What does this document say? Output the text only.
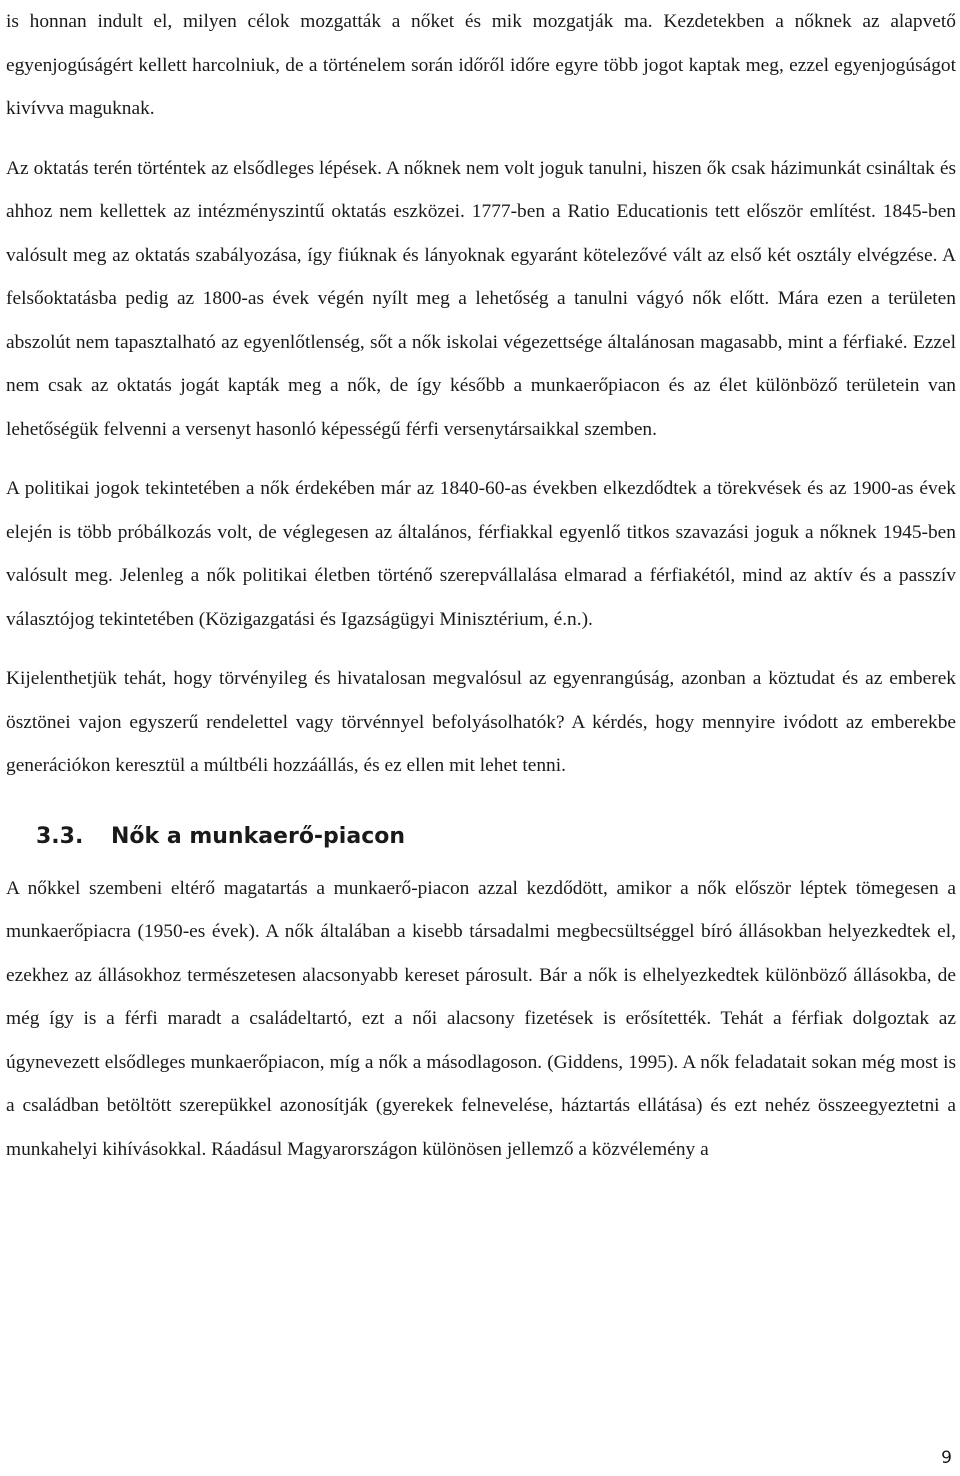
is honnan indult el, milyen célok mozgatták a nőket és mik mozgatják ma. Kezdetekben a nőknek az alapvető egyenjogúságért kellett harcolniuk, de a történelem során időről időre egyre több jogot kaptak meg, ezzel egyenjogúságot kivívva maguknak.

Az oktatás terén történtek az elsődleges lépések. A nőknek nem volt joguk tanulni, hiszen ők csak házimunkát csináltak és ahhoz nem kellettek az intézményszintű oktatás eszközei. 1777-ben a Ratio Educationis tett először említést. 1845-ben valósult meg az oktatás szabályozása, így fiúknak és lányoknak egyaránt kötelezővé vált az első két osztály elvégzése. A felsőoktatásba pedig az 1800-as évek végén nyílt meg a lehetőség a tanulni vágyó nők előtt. Mára ezen a területen abszolút nem tapasztalható az egyenlőtlenség, sőt a nők iskolai végezettsége általánosan magasabb, mint a férfiaké. Ezzel nem csak az oktatás jogát kapták meg a nők, de így később a munkaerőpiacon és az élet különböző területein van lehetőségük felvenni a versenyt hasonló képességű férfi versenytársaikkal szemben.

A politikai jogok tekintetében a nők érdekében már az 1840-60-as években elkezdődtek a törekvések és az 1900-as évek elején is több próbálkozás volt, de véglegesen az általános, férfiakkal egyenlő titkos szavazási joguk a nőknek 1945-ben valósult meg. Jelenleg a nők politikai életben történő szerepvállalása elmarad a férfiakétól, mind az aktív és a passzív választójog tekintetében (Közigazgatási és Igazságügyi Minisztérium, é.n.).

Kijelenthetjük tehát, hogy törvényileg és hivatalosan megvalósul az egyenrangúság, azonban a köztudat és az emberek ösztönei vajon egyszerű rendelettel vagy törvénnyel befolyásolhatók? A kérdés, hogy mennyire ivódott az emberekbe generációkon keresztül a múltbéli hozzáállás, és ez ellen mit lehet tenni.

3.3. Nők a munkaerő-piacon

A nőkkel szembeni eltérő magatartás a munkaerő-piacon azzal kezdődött, amikor a nők először léptek tömegesen a munkaerőpiacra (1950-es évek). A nők általában a kisebb társadalmi megbecsültséggel bíró állásokban helyezkedtek el, ezekhez az állásokhoz természetesen alacsonyabb kereset párosult. Bár a nők is elhelyezkedtek különböző állásokba, de még így is a férfi maradt a családeltartó, ezt a női alacsony fizetések is erősítették. Tehát a férfiak dolgoztak az úgynevezett elsődleges munkaerőpiacon, míg a nők a másodlagoson. (Giddens, 1995). A nők feladatait sokan még most is a családban betöltött szerepükkel azonosítják (gyerekek felnevelése, háztartás ellátása) és ezt nehéz összeegyeztetni a munkahelyi kihívásokkal. Ráadásul Magyarországon különösen jellemző a közvélemény a

9
